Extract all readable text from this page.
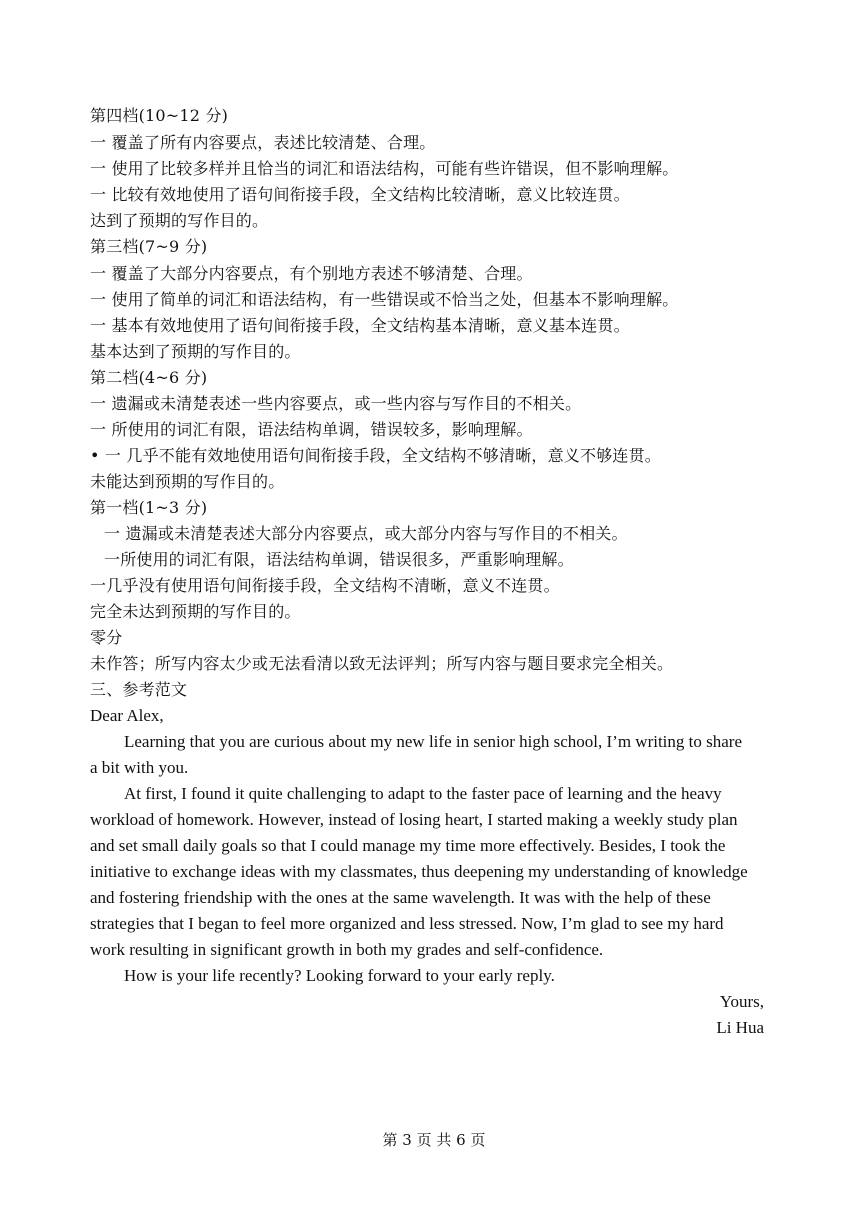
第四档(10~12 分)
一 覆盖了所有内容要点，表述比较清楚、合理。
一 使用了比较多样并且恰当的词汇和语法结构，可能有些许错误，但不影响理解。
一 比较有效地使用了语句间衔接手段，全文结构比较清晰，意义比较连贯。
达到了预期的写作目的。
第三档(7~9 分)
一 覆盖了大部分内容要点，有个别地方表述不够清楚、合理。
一 使用了简单的词汇和语法结构，有一些错误或不恰当之处，但基本不影响理解。
一 基本有效地使用了语句间衔接手段，全文结构基本清晰，意义基本连贯。
基本达到了预期的写作目的。
第二档(4~6 分)
一 遗漏或未清楚表述一些内容要点，或一些内容与写作目的不相关。
一 所使用的词汇有限，语法结构单调，错误较多，影响理解。
• 一 几乎不能有效地使用语句间衔接手段，全文结构不够清晰，意义不够连贯。
未能达到预期的写作目的。
第一档(1~3 分)
一 遗漏或未清楚表述大部分内容要点，或大部分内容与写作目的不相关。
一所使用的词汇有限，语法结构单调，错误很多，严重影响理解。
一几乎没有使用语句间衔接手段，全文结构不清晰，意义不连贯。
完全未达到预期的写作目的。
零分
未作答；所写内容太少或无法看清以致无法评判；所写内容与题目要求完全相关。
三、参考范文
Dear Alex,
Learning that you are curious about my new life in senior high school, I’m writing to share
a bit with you.
At first, I found it quite challenging to adapt to the faster pace of learning and the heavy
workload of homework. However, instead of losing heart, I started making a weekly study plan
and set small daily goals so that I could manage my time more effectively. Besides, I took the
initiative to exchange ideas with my classmates, thus deepening my understanding of knowledge
and fostering friendship with the ones at the same wavelength. It was with the help of these
strategies that I began to feel more organized and less stressed. Now, I’m glad to see my hard
work resulting in significant growth in both my grades and self-confidence.
How is your life recently? Looking forward to your early reply.
Yours,
Li Hua
第 3 页 共 6 页
